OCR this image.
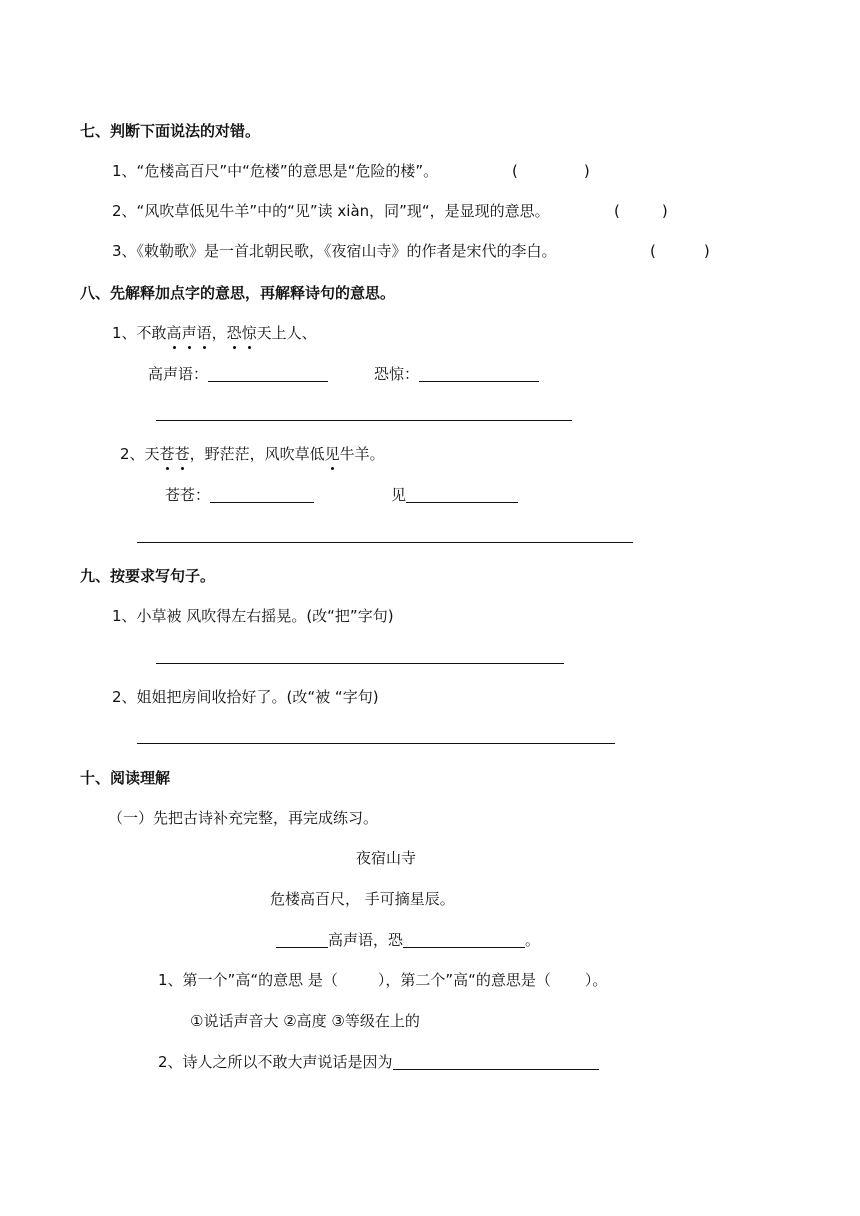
七、判断下面说法的对错。
1、“危楼高百尺”中“危楼”的意思是“危险的楼”。	(	)
2、“风吹草低见牛羊”中的“见”读 xiàn，同”现“，是显现的意思。	(	)
3、《敕勒歌》是一首北朝民歌，《夜宿山寺》的作者是宋代的李白。	(	)
八、先解释加点字的意思，再解释诗句的意思。
1、不敢高声语，恐惊天上人、
高声语：	恐惊：
2、天苍苍，野茫茫，风吹草低见牛羊。
苍苍：	见
九、按要求写句子。
1、小草被 风吹得左右摇晃。(改“把”字句)
2、姐姐把房间收拾好了。(改“被 “字句)
十、阅读理解
（一）先把古诗补充完整，再完成练习。
夜宿山寺
危楼高百尺， 手可摘星辰。
高声语，恐	。
1、第一个”高“的意思 是（	），第二个”高“的意思是（ ）。
①说话声音大 ②高度 ③等级在上的
2、诗人之所以不敢大声说话是因为
